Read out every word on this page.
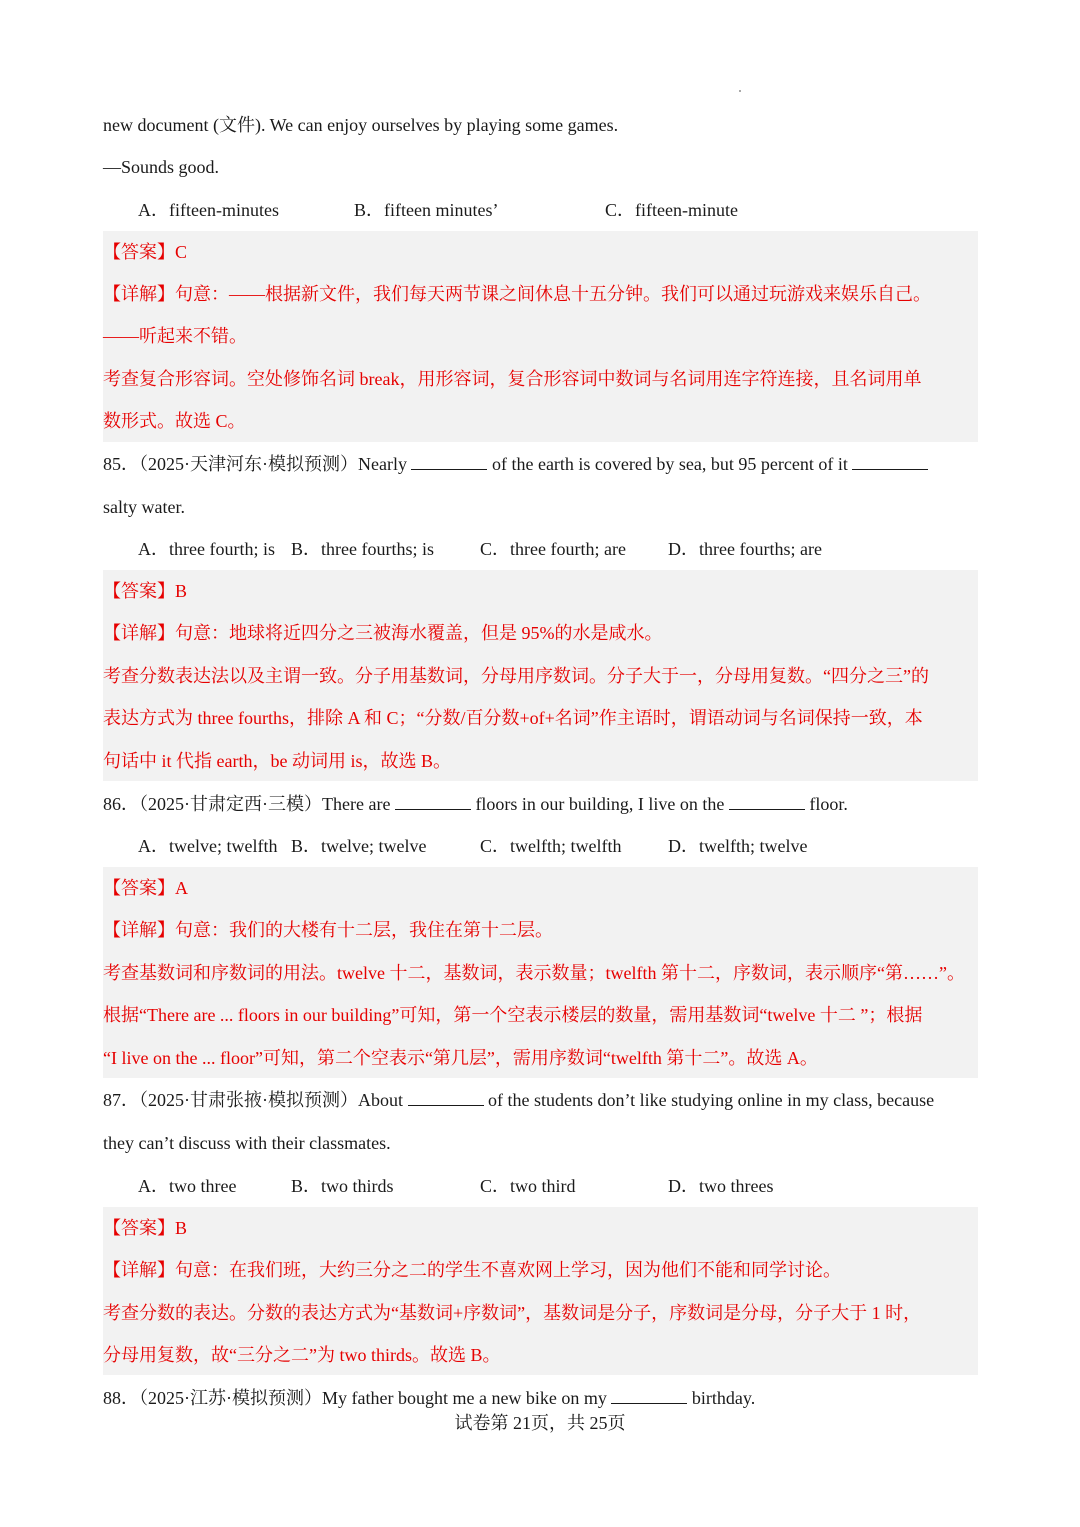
new document (文件). We can enjoy ourselves by playing some games.
—Sounds good.
A．fifteen-minutes	B．fifteen minutes’	C．fifteen-minute
【答案】C
【详解】句意：——根据新文件，我们每天两节课之间休息十五分钟。我们可以通过玩游戏来娱乐自己。
——听起来不错。
考查复合形容词。空处修饰名词 break，用形容词，复合形容词中数词与名词用连字符连接，且名词用单
数形式。故选 C。
85．（2025·天津河东·模拟预测）Nearly	of the earth is covered by sea, but 95 percent of it
salty water.
A．three fourth; is B．three fourths; is	C．three fourth; are D．three fourths; are
【答案】B
【详解】句意：地球将近四分之三被海水覆盖，但是 95%的水是咸水。
考查分数表达法以及主谓一致。分子用基数词，分母用序数词。分子大于一，分母用复数。“四分之三”的
表达方式为 three fourths，排除 A 和 C；“分数/百分数+of+名词”作主语时，谓语动词与名词保持一致，本
句话中 it 代指 earth，be 动词用 is，故选 B。
86．（2025·甘肃定西·三模）There are	floors in our building, I live on the	floor.
A．twelve; twelfth B．twelve; twelve	C．twelfth; twelfth	D．twelfth; twelve
【答案】A
【详解】句意：我们的大楼有十二层，我住在第十二层。
考查基数词和序数词的用法。twelve 十二，基数词，表示数量；twelfth 第十二，序数词，表示顺序“第……”。
根据“There are ... floors in our building”可知，第一个空表示楼层的数量，需用基数词“twelve 十二 ”；根据
“I live on the ... floor”可知，第二个空表示“第几层”，需用序数词“twelfth 第十二”。故选 A。
87．（2025·甘肃张掖·模拟预测）About	of the students don’t like studying online in my class, because
they can’t discuss with their classmates.
A．two three	B．two thirds	C．two third	D．two threes
【答案】B
【详解】句意：在我们班，大约三分之二的学生不喜欢网上学习，因为他们不能和同学讨论。
考查分数的表达。分数的表达方式为“基数词+序数词”，基数词是分子，序数词是分母，分子大于 1 时，
分母用复数，故“三分之二”为 two thirds。故选 B。
88．（2025·江苏·模拟预测）My father bought me a new bike on my	birthday.
试卷第 21页，共 25页
